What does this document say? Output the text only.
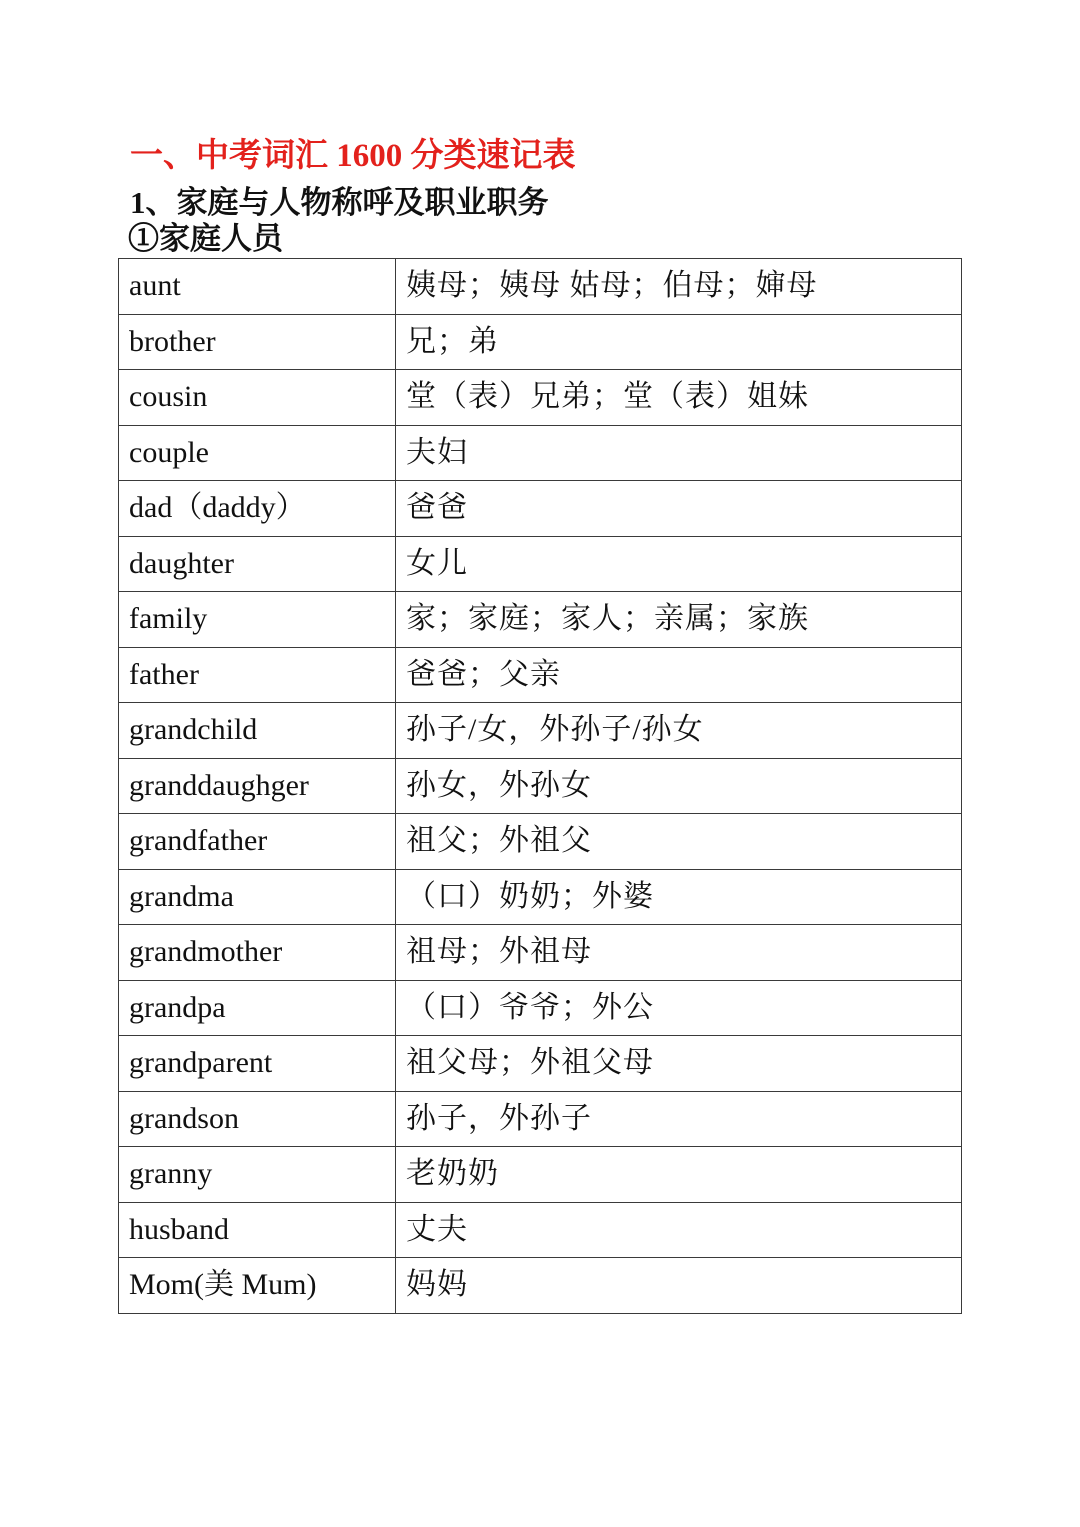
一、中考词汇 1600 分类速记表
1、家庭与人物称呼及职业职务
①家庭人员
aunt	姨母；姨母 姑母；伯母；婶母
brother	兄；弟
cousin	堂（表）兄弟；堂（表）姐妹
couple	夫妇
dad（daddy）	爸爸
daughter	女儿
family	家；家庭；家人；亲属；家族
father	爸爸；父亲
grandchild	孙子/女，外孙子/孙女
granddaughger	孙女，外孙女
grandfather	祖父；外祖父
grandma	（口）奶奶；外婆
grandmother	祖母；外祖母
grandpa	（口）爷爷；外公
grandparent	祖父母；外祖父母
grandson	孙子，外孙子
granny	老奶奶
husband	丈夫
Mom(美 Mum)	妈妈
